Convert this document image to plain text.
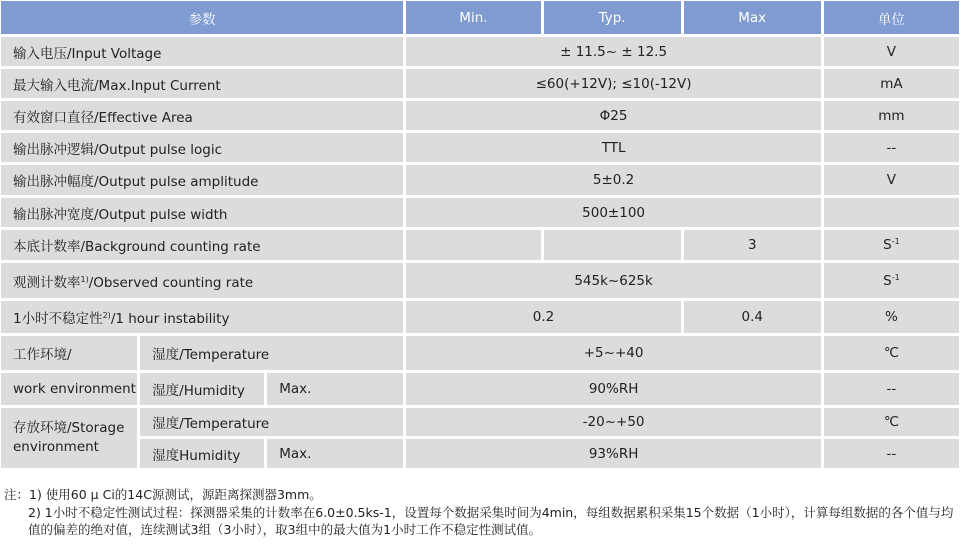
参数			Min.	Typ.	Max	单位
输入电压/Input Voltage			± 11.5~ ± 12.5			V
最大输入电流/Max.Input Current			≤60(+12V); ≤10(-12V)			mA
有效窗口直径/Effective Area			Φ25			mm
输出脉冲逻辑/Output pulse logic			TTL			--
输出脉冲幅度/Output pulse amplitude			5±0.2			V
输出脉冲宽度/Output pulse width			500±100			
本底计数率/Background counting rate					3	$S^{-1}$
观测计数率$^{1)}$/Observed counting rate			545k~625k			$S^{-1}$
1小时不稳定性$^{2)}$/1 hour instability			0.2		0.4	%
工作环境/	湿度/Temperature		+5~+40			℃
work environment	湿度/Humidity	Max.	90%RH			--
存放环境/Storage environment	湿度/Temperature		-20~+50			℃
	湿度Humidity	Max.	93%RH			--

注：1) 使用60 μ Ci的14C源测试，源距离探测器3mm。

2) 1小时不稳定性测试过程：探测器采集的计数率在6.0±0.5ks-1，设置每个数据采集时间为4min，每组数据累积采集15个数据（1小时），计算每组数据的各个值与均值的偏差的绝对值，连续测试3组（3小时），取3组中的最大值为1小时工作不稳定性测试值。
